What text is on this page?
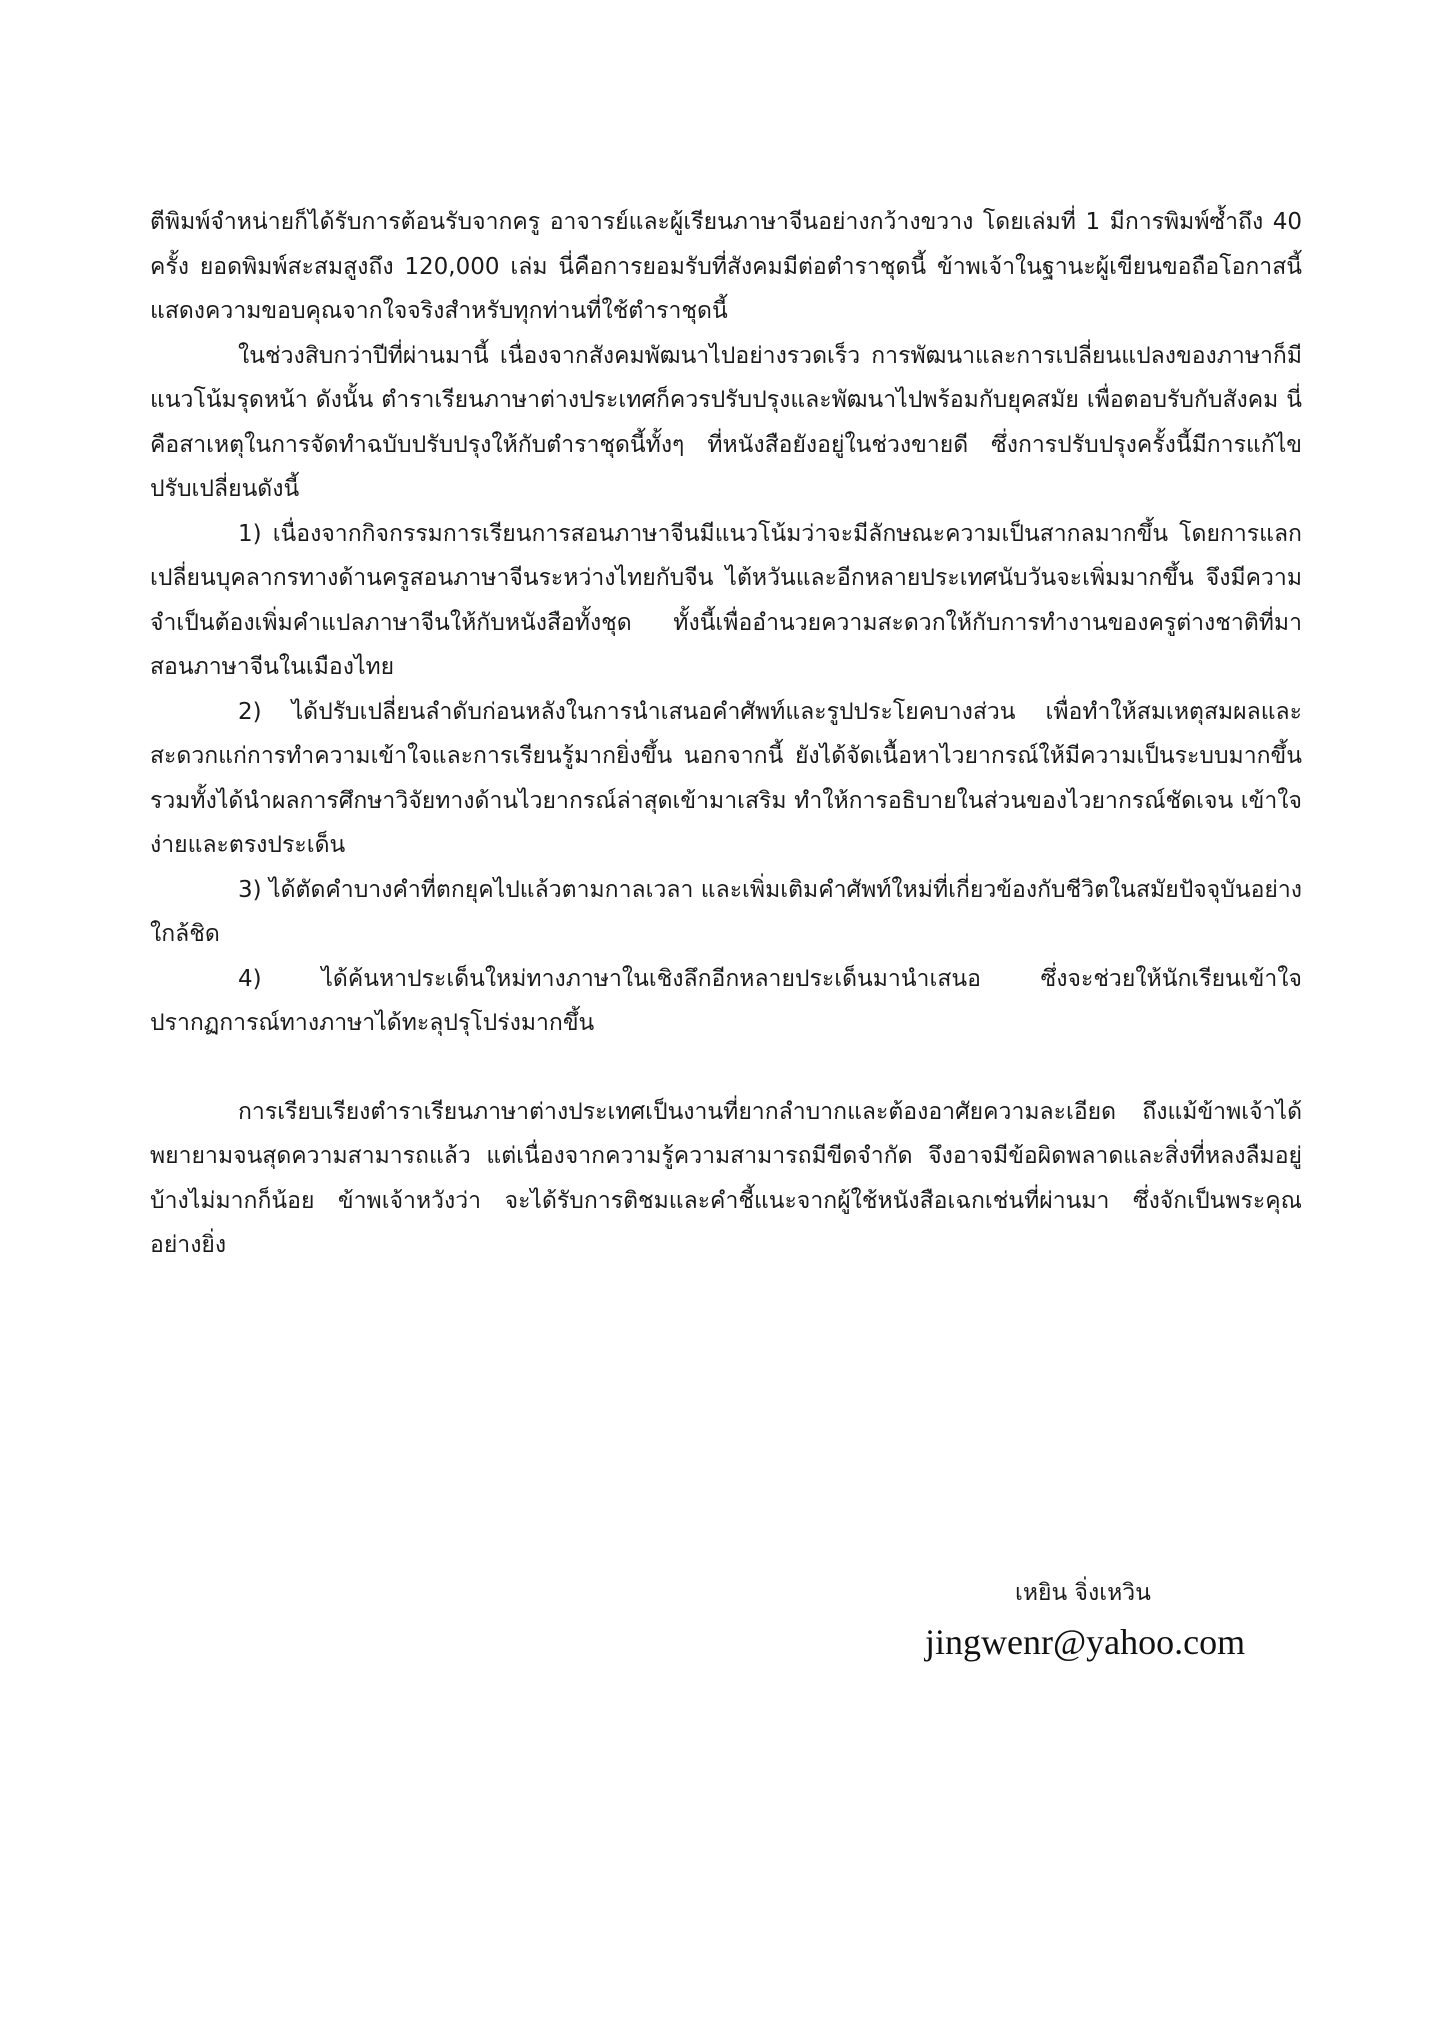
ตีพิมพ์จำหน่ายก็ได้รับการต้อนรับจากครู อาจารย์และผู้เรียนภาษาจีนอย่างกว้างขวาง โดยเล่มที่ 1 มีการพิมพ์ซ้ำถึง 40 ครั้ง ยอดพิมพ์สะสมสูงถึง 120,000 เล่ม นี่คือการยอมรับที่สังคมมีต่อตำราชุดนี้ ข้าพเจ้าในฐานะผู้เขียนขอถือโอกาสนี้แสดงความขอบคุณจากใจจริงสำหรับทุกท่านที่ใช้ตำราชุดนี้

ในช่วงสิบกว่าปีที่ผ่านมานี้ เนื่องจากสังคมพัฒนาไปอย่างรวดเร็ว การพัฒนาและการเปลี่ยนแปลงของภาษาก็มีแนวโน้มรุดหน้า ดังนั้น ตำราเรียนภาษาต่างประเทศก็ควรปรับปรุงและพัฒนาไปพร้อมกับยุคสมัย เพื่อตอบรับกับสังคม นี่คือสาเหตุในการจัดทำฉบับปรับปรุงให้กับตำราชุดนี้ทั้งๆ ที่หนังสือยังอยู่ในช่วงขายดี ซึ่งการปรับปรุงครั้งนี้มีการแก้ไขปรับเปลี่ยนดังนี้

1) เนื่องจากกิจกรรมการเรียนการสอนภาษาจีนมีแนวโน้มว่าจะมีลักษณะความเป็นสากลมากขึ้น โดยการแลกเปลี่ยนบุคลากรทางด้านครูสอนภาษาจีนระหว่างไทยกับจีน ไต้หวันและอีกหลายประเทศนับวันจะเพิ่มมากขึ้น จึงมีความจำเป็นต้องเพิ่มคำแปลภาษาจีนให้กับหนังสือทั้งชุด ทั้งนี้เพื่ออำนวยความสะดวกให้กับการทำงานของครูต่างชาติที่มาสอนภาษาจีนในเมืองไทย

2) ได้ปรับเปลี่ยนลำดับก่อนหลังในการนำเสนอคำศัพท์และรูปประโยคบางส่วน เพื่อทำให้สมเหตุสมผลและสะดวกแก่การทำความเข้าใจและการเรียนรู้มากยิ่งขึ้น นอกจากนี้ ยังได้จัดเนื้อหาไวยากรณ์ให้มีความเป็นระบบมากขึ้น รวมทั้งได้นำผลการศึกษาวิจัยทางด้านไวยากรณ์ล่าสุดเข้ามาเสริม ทำให้การอธิบายในส่วนของไวยากรณ์ชัดเจน เข้าใจง่ายและตรงประเด็น

3) ได้ตัดคำบางคำที่ตกยุคไปแล้วตามกาลเวลา และเพิ่มเติมคำศัพท์ใหม่ที่เกี่ยวข้องกับชีวิตในสมัยปัจจุบันอย่างใกล้ชิด

4) ได้ค้นหาประเด็นใหม่ทางภาษาในเชิงลึกอีกหลายประเด็นมานำเสนอ ซึ่งจะช่วยให้นักเรียนเข้าใจปรากฏการณ์ทางภาษาได้ทะลุปรุโปร่งมากขึ้น

การเรียบเรียงตำราเรียนภาษาต่างประเทศเป็นงานที่ยากลำบากและต้องอาศัยความละเอียด ถึงแม้ข้าพเจ้าได้พยายามจนสุดความสามารถแล้ว แต่เนื่องจากความรู้ความสามารถมีขีดจำกัด จึงอาจมีข้อผิดพลาดและสิ่งที่หลงลืมอยู่บ้างไม่มากก็น้อย ข้าพเจ้าหวังว่า จะได้รับการติชมและคำชี้แนะจากผู้ใช้หนังสือเฉกเช่นที่ผ่านมา ซึ่งจักเป็นพระคุณอย่างยิ่ง

เหยิน จิ่งเหวิน
jingwenr@yahoo.com
